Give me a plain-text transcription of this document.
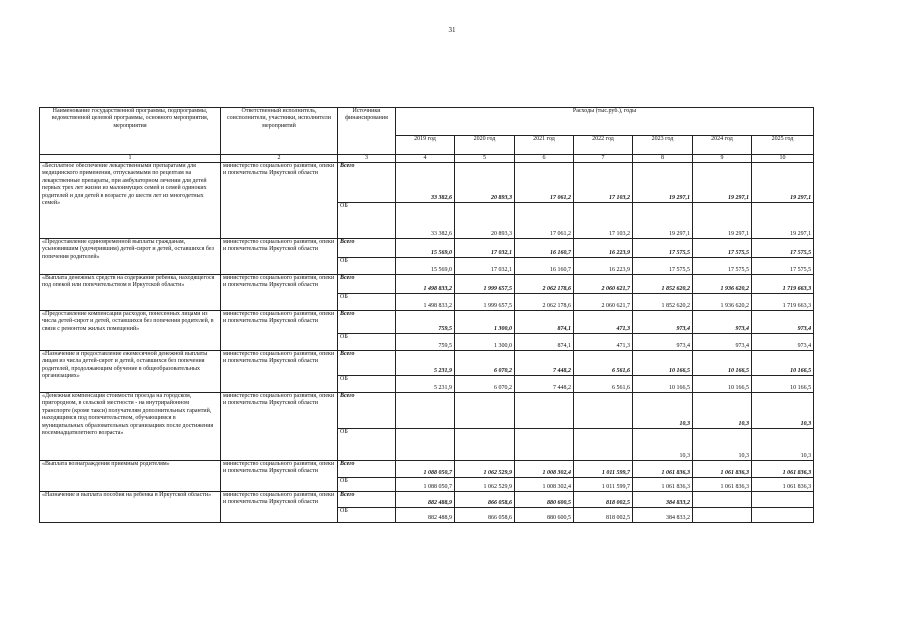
31
Наименование государственной программы, подпрограммы, ведомственной целевой программы, основного мероприятия, мероприятия	Ответственный исполнитель, соисполнители, участники, исполнители мероприятий	Источники финансирования	Расходы (тыс.руб.), годы						
			2019 год	2020 год	2021 год	2022 год	2023 год	2024 год	2025 год
1	2	3	4	5	6	7	8	9	10
«Бесплатное обеспечение лекарственными препаратами для медицинского применения, отпускаемыми по рецептам на лекарственные препараты, при амбулаторном лечении для детей первых трех лет жизни из малоимущих семей и семей одиноких родителей и для детей в возрасте до шести лет из многодетных семей»	министерство социального развития, опеки и попечительства Иркутской области	Всего	33 382,6	20 893,3	17 061,2	17 103,2	19 297,1	19 297,1	19 297,1
		ОБ	33 382,6	20 893,3	17 061,2	17 103,2	19 297,1	19 297,1	19 297,1
«Предоставление единовременной выплаты гражданам, усыновившим (удочерившим) детей-сирот и детей, оставшихся без попечения родителей»	министерство социального развития, опеки и попечительства Иркутской области	Всего	15 569,0	17 032,1	16 160,7	16 223,9	17 575,5	17 575,5	17 575,5
		ОБ	15 569,0	17 032,1	16 160,7	16 223,9	17 575,5	17 575,5	17 575,5
«Выплата денежных средств на содержание ребенка, находящегося под опекой или попечительством в Иркутской области»	министерство социального развития, опеки и попечительства Иркутской области	Всего	1 498 833,2	1 999 657,5	2 062 178,6	2 060 621,7	1 852 620,2	1 936 620,2	1 719 663,3
		ОБ	1 498 833,2	1 999 657,5	2 062 178,6	2 060 621,7	1 852 620,2	1 936 620,2	1 719 663,3
«Предоставление компенсации расходов, понесенных лицами из числа детей-сирот и детей, оставшихся без попечения родителей, в связи с ремонтом жилых помещений»	министерство социального развития, опеки и попечительства Иркутской области	Всего	759,5	1 300,0	874,1	471,3	973,4	973,4	973,4
		ОБ	759,5	1 300,0	874,1	471,3	973,4	973,4	973,4
«Назначение и предоставление ежемесячной денежной выплаты лицам из числа детей-сирот и детей, оставшихся без попечения родителей, продолжающим обучение в общеобразовательных организациях»	министерство социального развития, опеки и попечительства Иркутской области	Всего	5 231,9	6 070,2	7 448,2	6 561,6	10 166,5	10 166,5	10 166,5
		ОБ	5 231,9	6 070,2	7 448,2	6 561,6	10 166,5	10 166,5	10 166,5
«Денежная компенсация стоимости проезда на городском, пригородном, в сельской местности - на внутрирайонном транспорте (кроме такси) получателям дополнительных гарантий, находящимся под попечительством, обучающимся в муниципальных образовательных организациях после достижения восемнадцатилетнего возраста»	министерство социального развития, опеки и попечительства Иркутской области	Всего					10,3	10,3	10,3
		ОБ					10,3	10,3	10,3
«Выплата вознаграждения приемным родителям»	министерство социального развития, опеки и попечительства Иркутской области	Всего	1 088 050,7	1 062 529,9	1 008 302,4	1 011 599,7	1 061 836,3	1 061 836,3	1 061 836,3
		ОБ	1 088 050,7	1 062 529,9	1 008 302,4	1 011 599,7	1 061 836,3	1 061 836,3	1 061 836,3
«Назначение и выплата пособия на ребенка в Иркутской области»	министерство социального развития, опеки и попечительства Иркутской области	Всего	882 488,9	866 058,6	880 600,5	818 002,5	384 833,2		
		ОБ	882 488,9	866 058,6	880 600,5	818 002,5	384 833,2		
